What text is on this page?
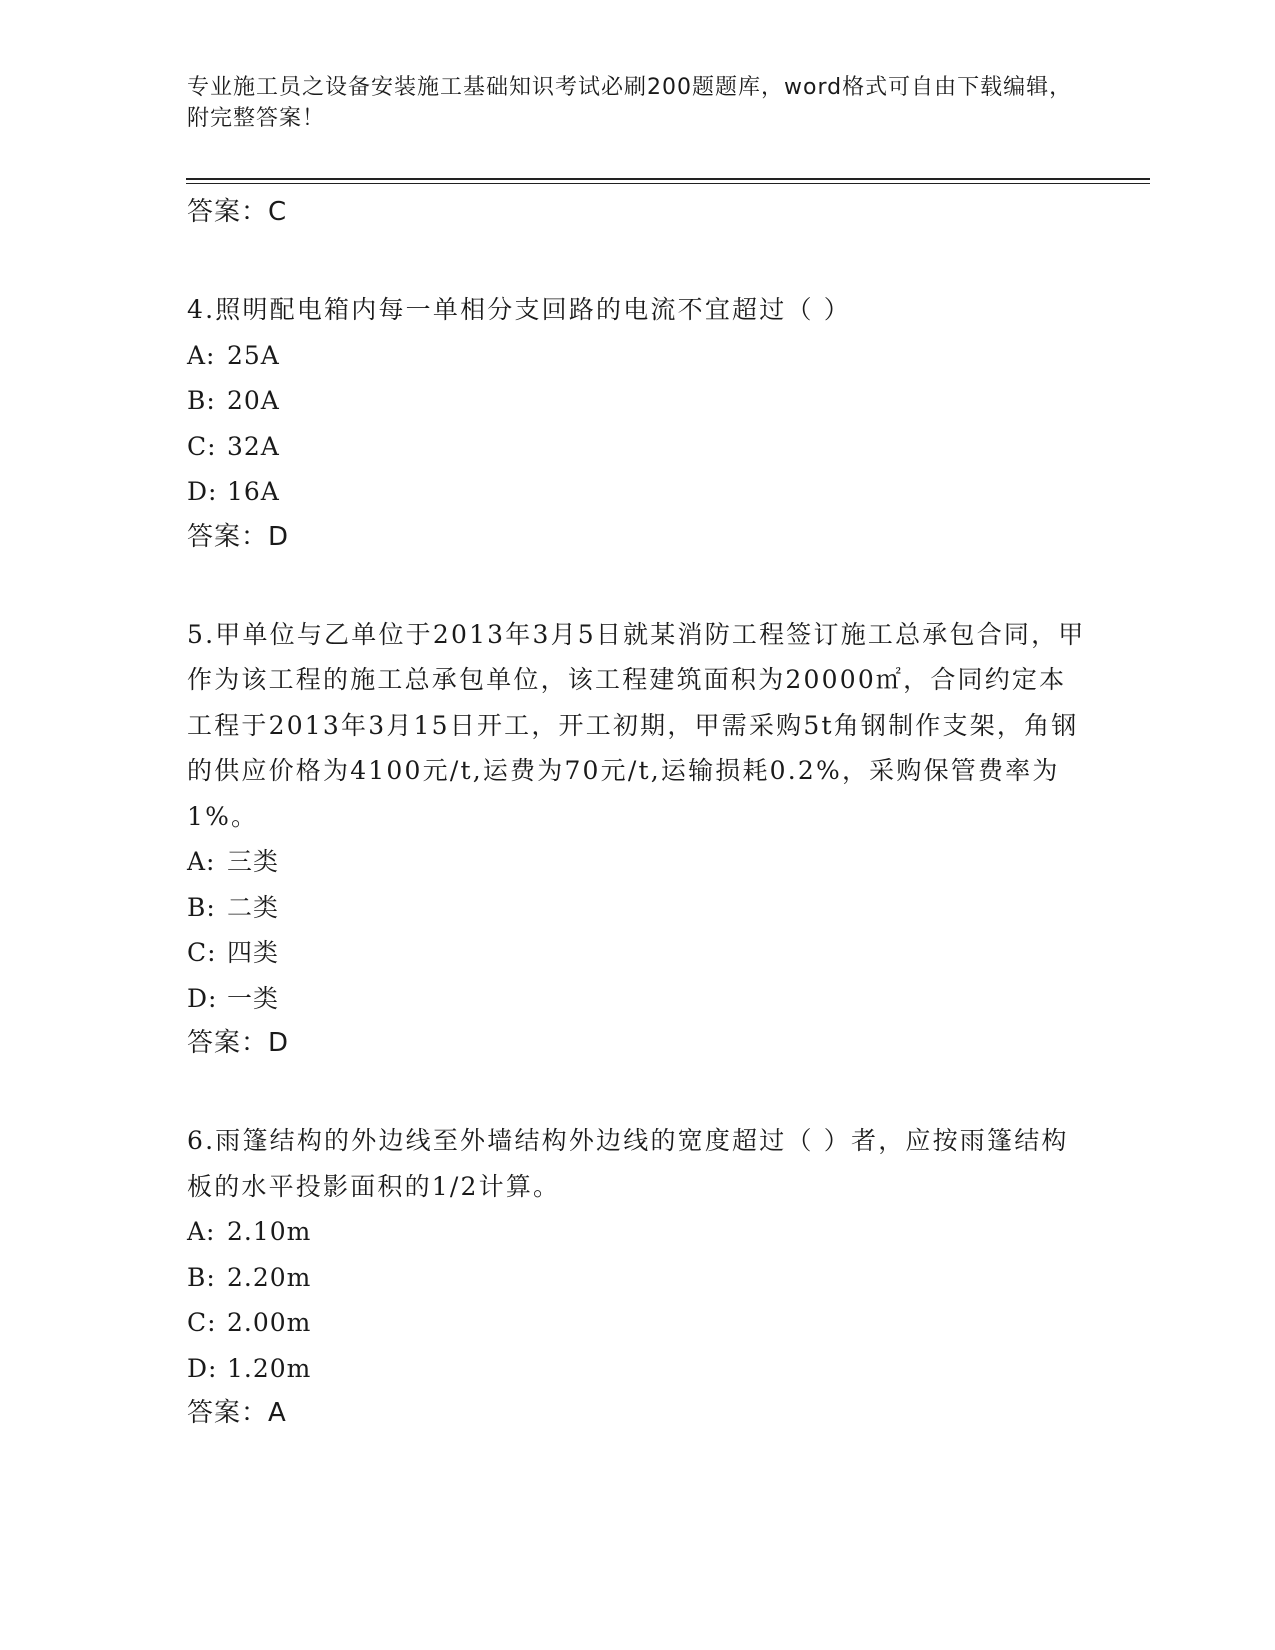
专业施工员之设备安装施工基础知识考试必刷200题题库，word格式可自由下载编辑，附完整答案！
答案：C
4.照明配电箱内每一单相分支回路的电流不宜超过（ ）
A: 25A
B: 20A
C: 32A
D: 16A
答案：D
5.甲单位与乙单位于2013年3月5日就某消防工程签订施工总承包合同，甲作为该工程的施工总承包单位，该工程建筑面积为20000㎡，合同约定本工程于2013年3月15日开工，开工初期，甲需采购5t角钢制作支架，角钢的供应价格为4100元/t,运费为70元/t,运输损耗0.2%，采购保管费率为1%。
A: 三类
B: 二类
C: 四类
D: 一类
答案：D
6.雨篷结构的外边线至外墙结构外边线的宽度超过（ ）者，应按雨篷结构板的水平投影面积的1/2计算。
A: 2.10m
B: 2.20m
C: 2.00m
D: 1.20m
答案：A
